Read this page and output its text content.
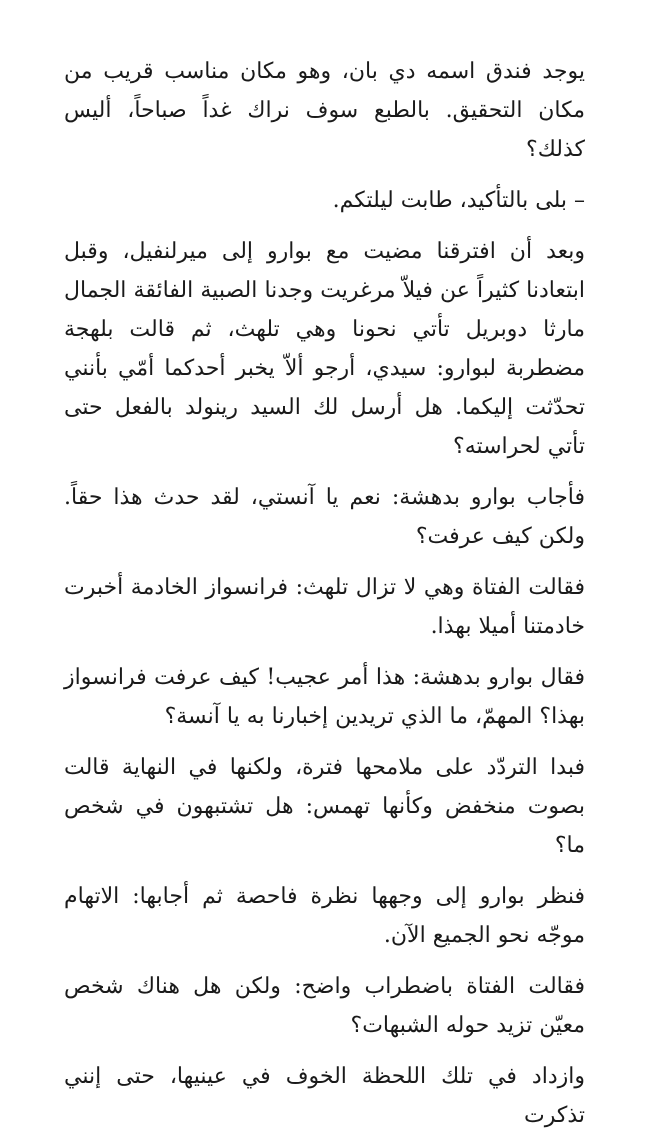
يوجد فندق اسمه دي بان، وهو مكان مناسب قريب من مكان التحقيق. بالطبع سوف نراك غداً صباحاً، أليس كذلك؟

– بلى بالتأكيد، طابت ليلتكم.

وبعد أن افترقنا مضيت مع بوارو إلى ميرلنفيل، وقبل ابتعادنا كثيراً عن فيلاّ مرغريت وجدنا الصبية الفائقة الجمال مارثا دوبريل تأتي نحونا وهي تلهث، ثم قالت بلهجة مضطربة لبوارو: سيدي، أرجو ألاّ يخبر أحدكما أمّي بأنني تحدّثت إليكما. هل أرسل لك السيد رينولد بالفعل حتى تأتي لحراسته؟

فأجاب بوارو بدهشة: نعم يا آنستي، لقد حدث هذا حقاً. ولكن كيف عرفت؟

فقالت الفتاة وهي لا تزال تلهث: فرانسواز الخادمة أخبرت خادمتنا أميلا بهذا.

فقال بوارو بدهشة: هذا أمر عجيب! كيف عرفت فرانسواز بهذا؟ المهمّ، ما الذي تريدين إخبارنا به يا آنسة؟

فبدا التردّد على ملامحها فترة، ولكنها في النهاية قالت بصوت منخفض وكأنها تهمس: هل تشتبهون في شخص ما؟

فنظر بوارو إلى وجهها نظرة فاحصة ثم أجابها: الاتهام موجّه نحو الجميع الآن.

فقالت الفتاة باضطراب واضح: ولكن هل هناك شخص معيّن تزيد حوله الشبهات؟

وازداد في تلك اللحظة الخوف في عينيها، حتى إنني تذكرت
